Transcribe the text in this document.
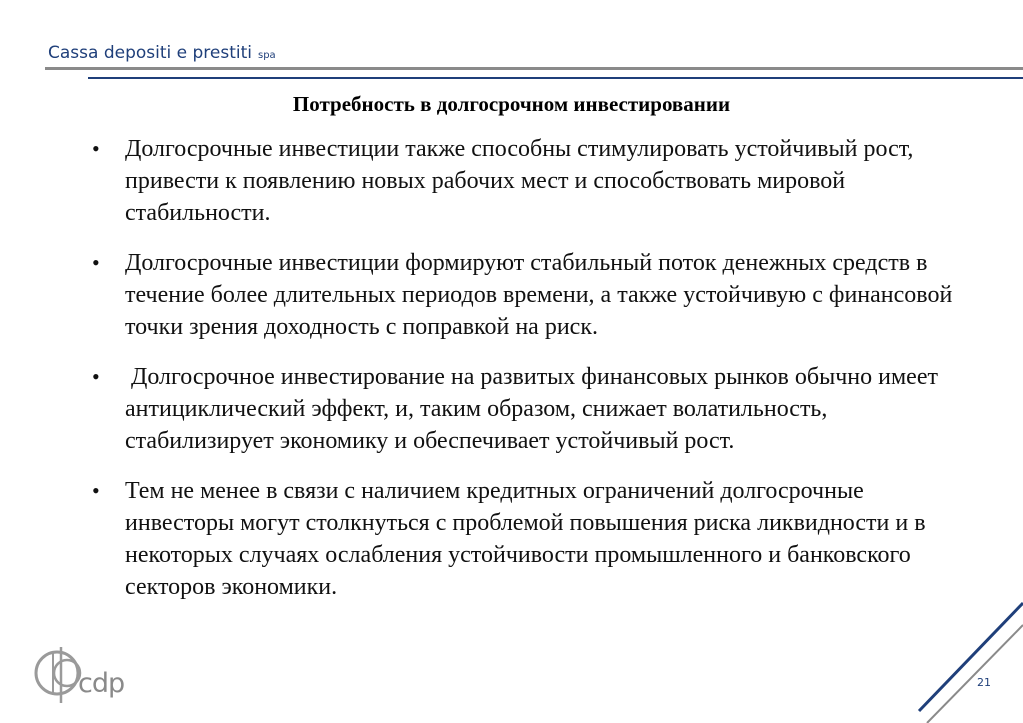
Cassa depositi e prestiti spa
Потребность в долгосрочном инвестировании
• Долгосрочные инвестиции также способны стимулировать устойчивый рост, привести к появлению новых рабочих мест и способствовать мировой стабильности.
• Долгосрочные инвестиции формируют стабильный поток денежных средств в течение более длительных периодов времени, а также устойчивую с финансовой точки зрения доходность с поправкой на риск.
• Долгосрочное инвестирование на развитых финансовых рынков обычно имеет антициклический эффект, и, таким образом, снижает волатильность, стабилизирует экономику и обеспечивает устойчивый рост.
• Тем не менее в связи с наличием кредитных ограничений долгосрочные инвесторы могут столкнуться с проблемой повышения риска ликвидности и в некоторых случаях ослабления устойчивости промышленного и банковского секторов экономики.
21
cdp
